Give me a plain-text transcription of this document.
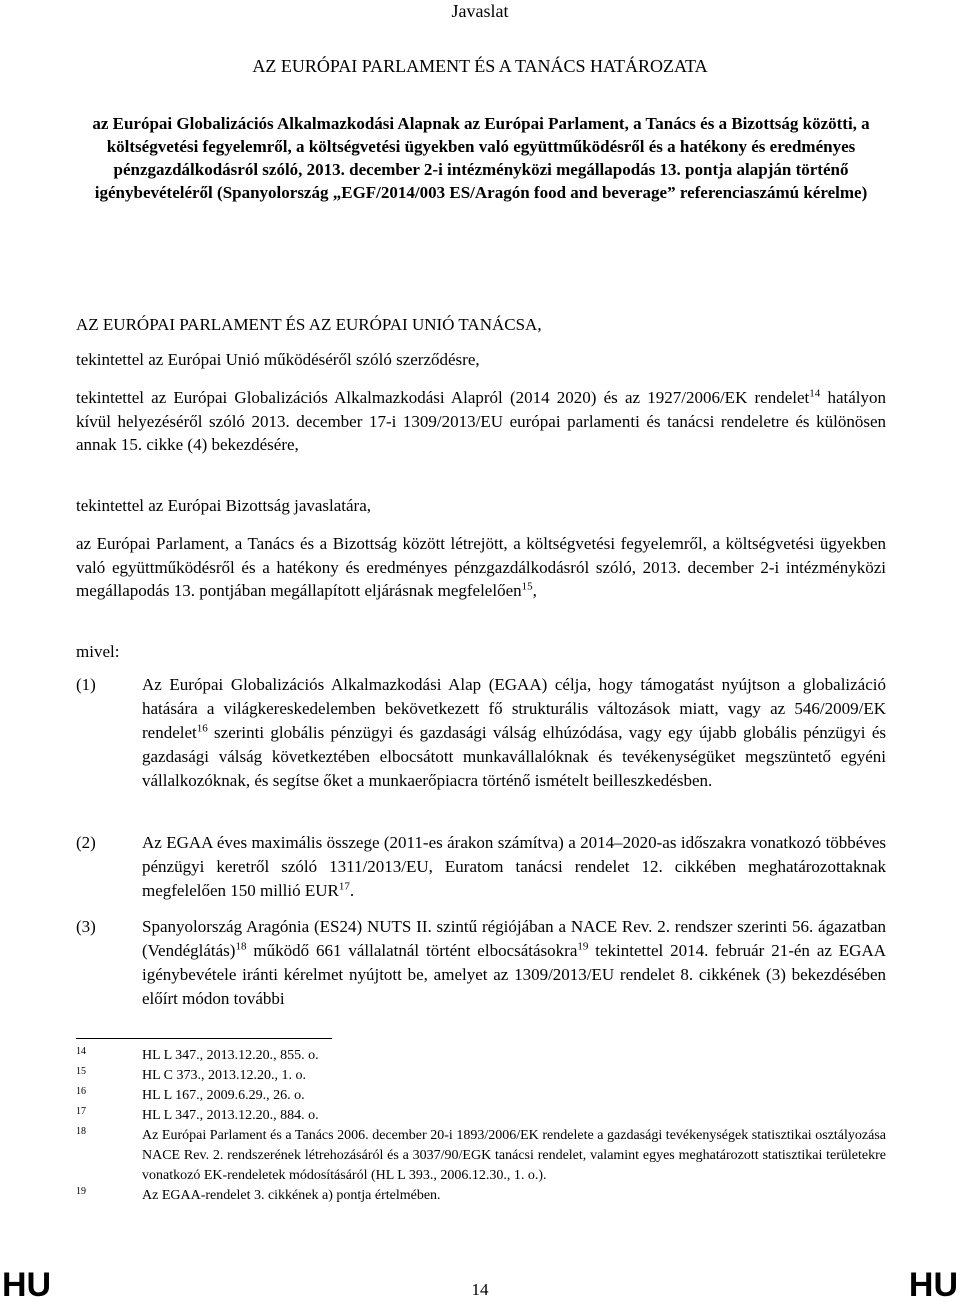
Javaslat
AZ EURÓPAI PARLAMENT ÉS A TANÁCS HATÁROZATA
az Európai Globalizációs Alkalmazkodási Alapnak az Európai Parlament, a Tanács és a Bizottság közötti, a költségvetési fegyelemről, a költségvetési ügyekben való együttműködésről és a hatékony és eredményes pénzgazdálkodásról szóló, 2013. december 2-i intézményközi megállapodás 13. pontja alapján történő igénybevételéről (Spanyolország „EGF/2014/003 ES/Aragón food and beverage” referenciaszámú kérelme)
AZ EURÓPAI PARLAMENT ÉS AZ EURÓPAI UNIÓ TANÁCSA,
tekintettel az Európai Unió működéséről szóló szerződésre,
tekintettel az Európai Globalizációs Alkalmazkodási Alapról (2014 2020) és az 1927/2006/EK rendelet$^{14}$ hatályon kívül helyezéséről szóló 2013. december 17-i 1309/2013/EU európai parlamenti és tanácsi rendeletre és különösen annak 15. cikke (4) bekezdésére,
tekintettel az Európai Bizottság javaslatára,
az Európai Parlament, a Tanács és a Bizottság között létrejött, a költségvetési fegyelemről, a költségvetési ügyekben való együttműködésről és a hatékony és eredményes pénzgazdálkodásról szóló, 2013. december 2-i intézményközi megállapodás 13. pontjában megállapított eljárásnak megfelelően$^{15}$,
mivel:
(1)	Az Európai Globalizációs Alkalmazkodási Alap (EGAA) célja, hogy támogatást nyújtson a globalizáció hatására a világkereskedelemben bekövetkezett fő strukturális változások miatt, vagy az 546/2009/EK rendelet$^{16}$ szerinti globális pénzügyi és gazdasági válság elhúzódása, vagy egy újabb globális pénzügyi és gazdasági válság következtében elbocsátott munkavállalóknak és tevékenységüket megszüntető egyéni vállalkozóknak, és segítse őket a munkaerőpiacra történő ismételt beilleszkedésben.
(2)	Az EGAA éves maximális összege (2011-es árakon számítva) a 2014–2020-as időszakra vonatkozó többéves pénzügyi keretről szóló 1311/2013/EU, Euratom tanácsi rendelet 12. cikkében meghatározottaknak megfelelően 150 millió EUR$^{17}$.
(3)	Spanyolország Aragónia (ES24) NUTS II. szintű régiójában a NACE Rev. 2. rendszer szerinti 56. ágazatban (Vendéglátás)$^{18}$ működő 661 vállalatnál történt elbocsátásokra$^{19}$ tekintettel 2014. február 21-én az EGAA igénybevétele iránti kérelmet nyújtott be, amelyet az 1309/2013/EU rendelet 8. cikkének (3) bekezdésében előírt módon további
14	HL L 347., 2013.12.20., 855. o.
15	HL C 373., 2013.12.20., 1. o.
16	HL L 167., 2009.6.29., 26. o.
17	HL L 347., 2013.12.20., 884. o.
18	Az Európai Parlament és a Tanács 2006. december 20-i 1893/2006/EK rendelete a gazdasági tevékenységek statisztikai osztályozása NACE Rev. 2. rendszerének létrehozásáról és a 3037/90/EGK tanácsi rendelet, valamint egyes meghatározott statisztikai területekre vonatkozó EK-rendeletek módosításáról (HL L 393., 2006.12.30., 1. o.).
19	Az EGAA-rendelet 3. cikkének a) pontja értelmében.
HU	14	HU
